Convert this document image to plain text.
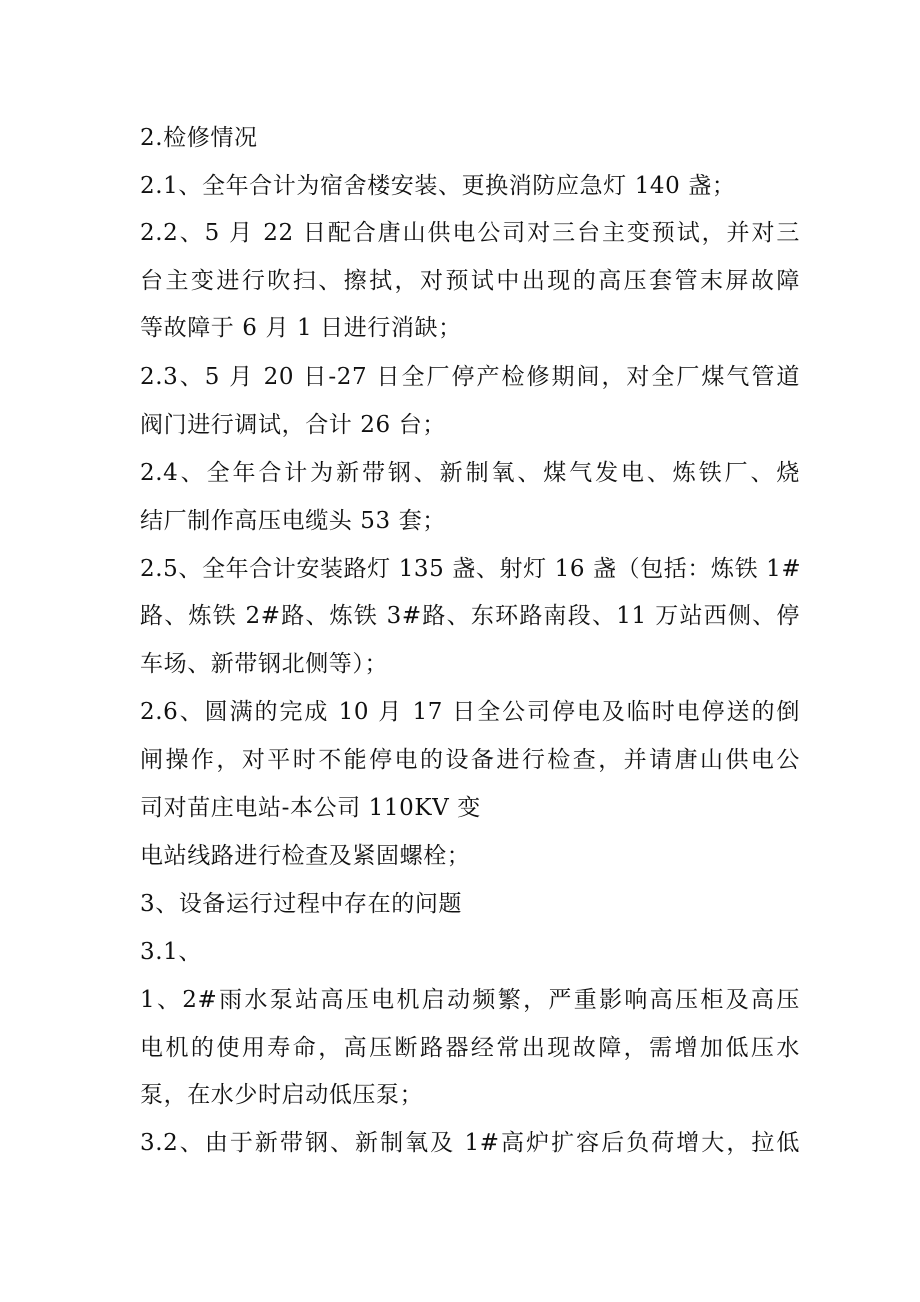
2.检修情况
2.1、全年合计为宿舍楼安装、更换消防应急灯 140 盏；
2.2、5 月 22 日配合唐山供电公司对三台主变预试，并对三
台主变进行吹扫、擦拭，对预试中出现的高压套管末屏故障
等故障于 6 月 1 日进行消缺；
2.3、5 月 20 日-27 日全厂停产检修期间，对全厂煤气管道
阀门进行调试，合计 26 台；
2.4、全年合计为新带钢、新制氧、煤气发电、炼铁厂、烧
结厂制作高压电缆头 53 套；
2.5、全年合计安装路灯 135 盏、射灯 16 盏（包括：炼铁 1#
路、炼铁 2#路、炼铁 3#路、东环路南段、11 万站西侧、停
车场、新带钢北侧等）；
2.6、圆满的完成 10 月 17 日全公司停电及临时电停送的倒
闸操作，对平时不能停电的设备进行检查，并请唐山供电公
司对苗庄电站-本公司 110KV 变
电站线路进行检查及紧固螺栓；
3、设备运行过程中存在的问题
3.1、
1、2#雨水泵站高压电机启动频繁，严重影响高压柜及高压
电机的使用寿命，高压断路器经常出现故障，需增加低压水
泵，在水少时启动低压泵；
3.2、由于新带钢、新制氧及 1#高炉扩容后负荷增大，拉低
